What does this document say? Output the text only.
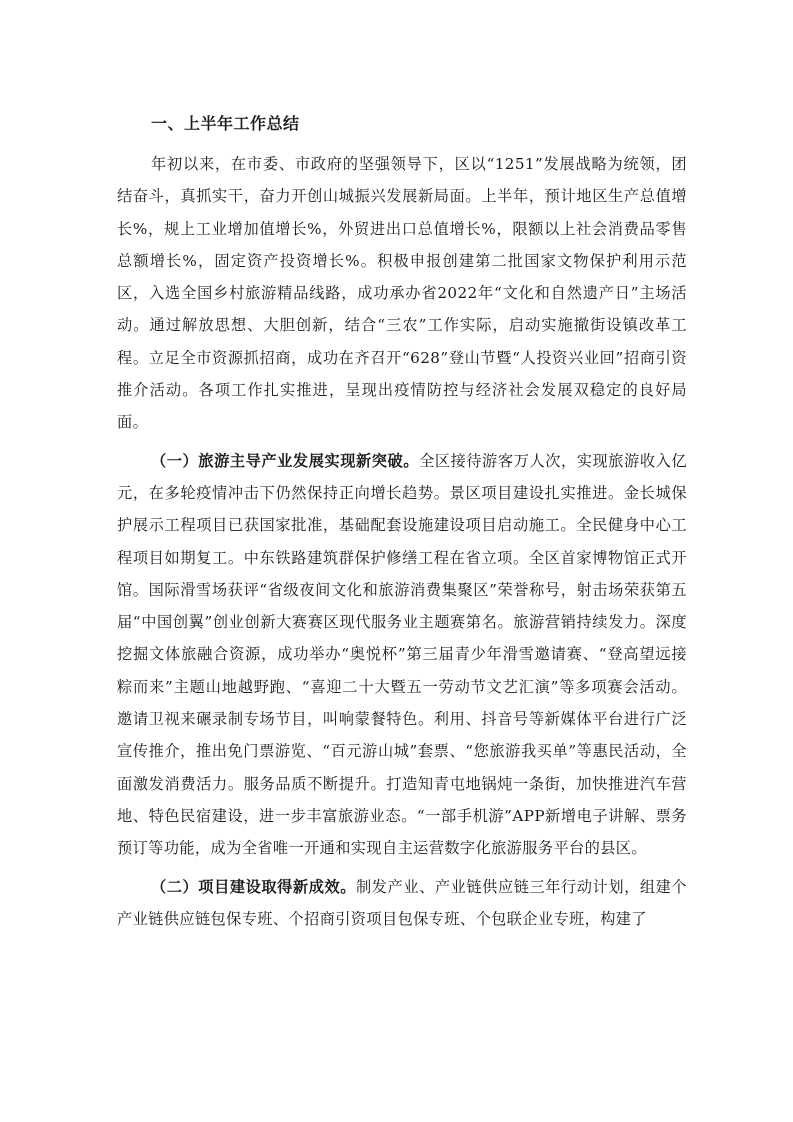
一、上半年工作总结

年初以来，在市委、市政府的坚强领导下，区以“1251”发展战略为统领，团结奋斗，真抓实干，奋力开创山城振兴发展新局面。上半年，预计地区生产总值增长%，规上工业增加值增长%，外贸进出口总值增长%，限额以上社会消费品零售总额增长%，固定资产投资增长%。积极申报创建第二批国家文物保护利用示范区，入选全国乡村旅游精品线路，成功承办省2022年“文化和自然遗产日”主场活动。通过解放思想、大胆创新，结合“三农”工作实际，启动实施撤街设镇改革工程。立足全市资源抓招商，成功在齐召开“628”登山节暨“人投资兴业回”招商引资推介活动。各项工作扎实推进，呈现出疫情防控与经济社会发展双稳定的良好局面。

（一）旅游主导产业发展实现新突破。全区接待游客万人次，实现旅游收入亿元，在多轮疫情冲击下仍然保持正向增长趋势。景区项目建设扎实推进。金长城保护展示工程项目已获国家批准，基础配套设施建设项目启动施工。全民健身中心工程项目如期复工。中东铁路建筑群保护修缮工程在省立项。全区首家博物馆正式开馆。国际滑雪场获评“省级夜间文化和旅游消费集聚区”荣誉称号，射击场荣获第五届“中国创翼”创业创新大赛赛区现代服务业主题赛第名。旅游营销持续发力。深度挖掘文体旅融合资源，成功举办“奥悦杯”第三届青少年滑雪邀请赛、“登高望远接粽而来”主题山地越野跑、“喜迎二十大暨五一劳动节文艺汇演”等多项赛会活动。邀请卫视来碾录制专场节目，叫响蒙餐特色。利用、抖音号等新媒体平台进行广泛宣传推介，推出免门票游览、“百元游山城”套票、“您旅游我买单”等惠民活动，全面激发消费活力。服务品质不断提升。打造知青屯地锅炖一条街，加快推进汽车营地、特色民宿建设，进一步丰富旅游业态。“一部手机游”APP新增电子讲解、票务预订等功能，成为全省唯一开通和实现自主运营数字化旅游服务平台的县区。

（二）项目建设取得新成效。制发产业、产业链供应链三年行动计划，组建个产业链供应链包保专班、个招商引资项目包保专班、个包联企业专班，构建了
